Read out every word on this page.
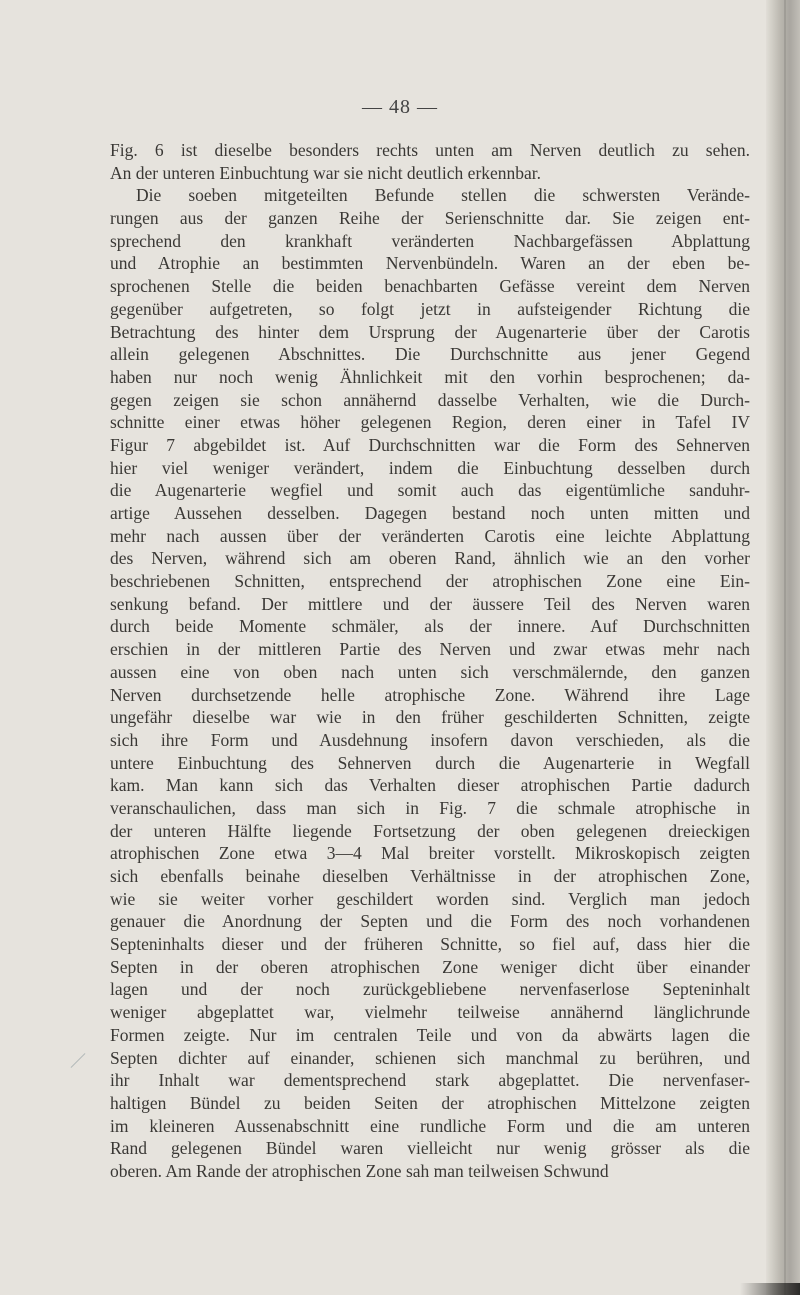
— 48 —
Fig. 6 ist dieselbe besonders rechts unten am Nerven deutlich zu sehen.
An der unteren Einbuchtung war sie nicht deutlich erkennbar.
Die soeben mitgeteilten Befunde stellen die schwersten Verände-
rungen aus der ganzen Reihe der Serienschnitte dar. Sie zeigen ent-
sprechend den krankhaft veränderten Nachbargefässen Abplattung
und Atrophie an bestimmten Nervenbündeln. Waren an der eben be-
sprochenen Stelle die beiden benachbarten Gefässe vereint dem Nerven
gegenüber aufgetreten, so folgt jetzt in aufsteigender Richtung die
Betrachtung des hinter dem Ursprung der Augenarterie über der Carotis
allein gelegenen Abschnittes. Die Durchschnitte aus jener Gegend
haben nur noch wenig Ähnlichkeit mit den vorhin besprochenen; da-
gegen zeigen sie schon annähernd dasselbe Verhalten, wie die Durch-
schnitte einer etwas höher gelegenen Region, deren einer in Tafel IV
Figur 7 abgebildet ist. Auf Durchschnitten war die Form des Sehnerven
hier viel weniger verändert, indem die Einbuchtung desselben durch
die Augenarterie wegfiel und somit auch das eigentümliche sanduhr-
artige Aussehen desselben. Dagegen bestand noch unten mitten und
mehr nach aussen über der veränderten Carotis eine leichte Abplattung
des Nerven, während sich am oberen Rand, ähnlich wie an den vorher
beschriebenen Schnitten, entsprechend der atrophischen Zone eine Ein-
senkung befand. Der mittlere und der äussere Teil des Nerven waren
durch beide Momente schmäler, als der innere. Auf Durchschnitten
erschien in der mittleren Partie des Nerven und zwar etwas mehr nach
aussen eine von oben nach unten sich verschmälernde, den ganzen
Nerven durchsetzende helle atrophische Zone. Während ihre Lage
ungefähr dieselbe war wie in den früher geschilderten Schnitten, zeigte
sich ihre Form und Ausdehnung insofern davon verschieden, als die
untere Einbuchtung des Sehnerven durch die Augenarterie in Wegfall
kam. Man kann sich das Verhalten dieser atrophischen Partie dadurch
veranschaulichen, dass man sich in Fig. 7 die schmale atrophische in
der unteren Hälfte liegende Fortsetzung der oben gelegenen dreieckigen
atrophischen Zone etwa 3—4 Mal breiter vorstellt. Mikroskopisch zeigten
sich ebenfalls beinahe dieselben Verhältnisse in der atrophischen Zone,
wie sie weiter vorher geschildert worden sind. Verglich man jedoch
genauer die Anordnung der Septen und die Form des noch vorhandenen
Septeninhalts dieser und der früheren Schnitte, so fiel auf, dass hier die
Septen in der oberen atrophischen Zone weniger dicht über einander
lagen und der noch zurückgebliebene nervenfaserlose Septeninhalt
weniger abgeplattet war, vielmehr teilweise annähernd länglichrunde
Formen zeigte. Nur im centralen Teile und von da abwärts lagen die
Septen dichter auf einander, schienen sich manchmal zu berühren, und
ihr Inhalt war dementsprechend stark abgeplattet. Die nervenfaser-
haltigen Bündel zu beiden Seiten der atrophischen Mittelzone zeigten
im kleineren Aussenabschnitt eine rundliche Form und die am unteren
Rand gelegenen Bündel waren vielleicht nur wenig grösser als die
oberen. Am Rande der atrophischen Zone sah man teilweisen Schwund
